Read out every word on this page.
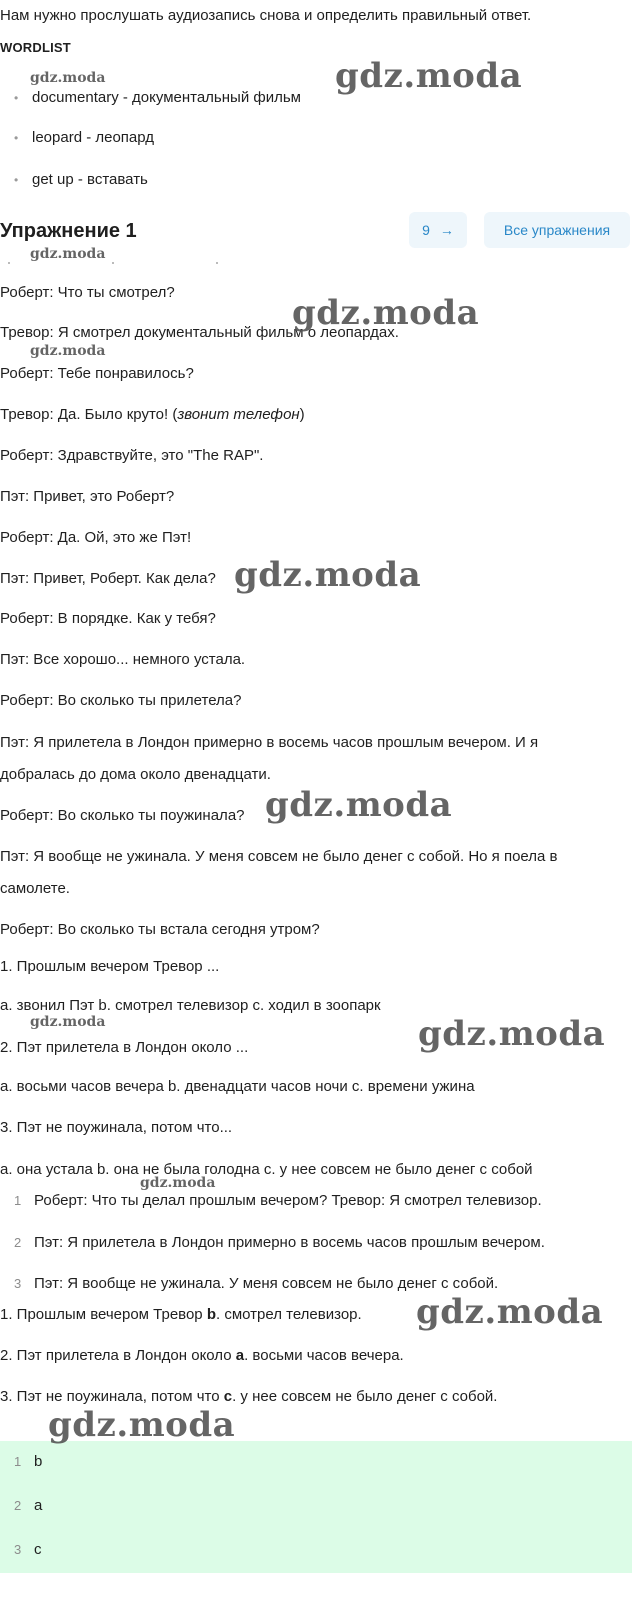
Нам нужно прослушать аудиозапись снова и определить правильный ответ.
WORDLIST
• documentary - документальный фильм
• leopard - леопард
• get up - вставать
Упражнение 1	9 →	Все упражнения
Роберт: Что ты смотрел?
Тревор: Я смотрел документальный фильм о леопардах.
Роберт: Тебе понравилось?
Тревор: Да. Было круто! (звонит телефон)
Роберт: Здравствуйте, это "The RAP".
Пэт: Привет, это Роберт?
Роберт: Да. Ой, это же Пэт!
Пэт: Привет, Роберт. Как дела?
Роберт: В порядке. Как у тебя?
Пэт: Все хорошо... немного устала.
Роберт: Во сколько ты прилетела?
Пэт: Я прилетела в Лондон примерно в восемь часов прошлым вечером. И я
добралась до дома около двенадцати.
Роберт: Во сколько ты поужинала?
Пэт: Я вообще не ужинала. У меня совсем не было денег с собой. Но я поела в
самолете.
Роберт: Во сколько ты встала сегодня утром?
1. Прошлым вечером Тревор ...
a. звонил Пэт b. смотрел телевизор c. ходил в зоопарк
2. Пэт прилетела в Лондон около ...
a. восьми часов вечера b. двенадцати часов ночи c. времени ужина
3. Пэт не поужинала, потом что...
a. она устала b. она не была голодна c. у нее совсем не было денег с собой
1 Роберт: Что ты делал прошлым вечером? Тревор: Я смотрел телевизор.
2 Пэт: Я прилетела в Лондон примерно в восемь часов прошлым вечером.
3 Пэт: Я вообще не ужинала. У меня совсем не было денег с собой.
1. Прошлым вечером Тревор b. смотрел телевизор.
2. Пэт прилетела в Лондон около a. восьми часов вечера.
3. Пэт не поужинала, потом что c. у нее совсем не было денег с собой.
1 b
2 a
3 c
gdz.moda	gdz.moda
gdz.moda
gdz.moda
gdz.moda
gdz.moda
gdz.moda
gdz.moda	gdz.moda
gdz.moda
gdz.moda
gdz.moda
